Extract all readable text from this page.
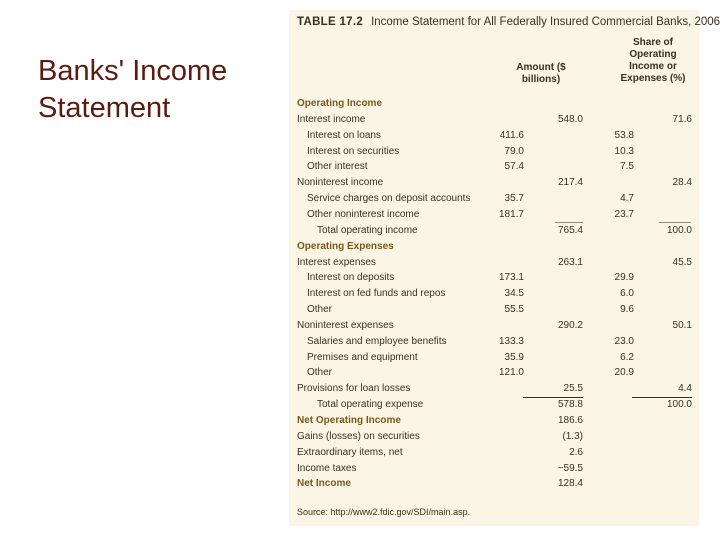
Banks' Income Statement
TABLE 17.2 Income Statement for All Federally Insured Commercial Banks, 2006
Amount ($ billions)
Share of Operating Income or Expenses (%)
Operating Income
Interest income	548.0	71.6
Interest on loans	411.6	53.8
Interest on securities	79.0	10.3
Other interest	57.4	7.5
Noninterest income	217.4	28.4
Service charges on deposit accounts	35.7	4.7
Other noninterest income	181.7	23.7
Total operating income	765.4	100.0
Operating Expenses
Interest expenses	263.1	45.5
Interest on deposits	173.1	29.9
Interest on fed funds and repos	34.5	6.0
Other	55.5	9.6
Noninterest expenses	290.2	50.1
Salaries and employee benefits	133.3	23.0
Premises and equipment	35.9	6.2
Other	121.0	20.9
Provisions for loan losses	25.5	4.4
Total operating expense	578.8	100.0
Net Operating Income	186.6
Gains (losses) on securities	(1.3)
Extraordinary items, net	2.6
Income taxes	−59.5
Net Income	128.4
Source: http://www2.fdic.gov/SDI/main.asp.
